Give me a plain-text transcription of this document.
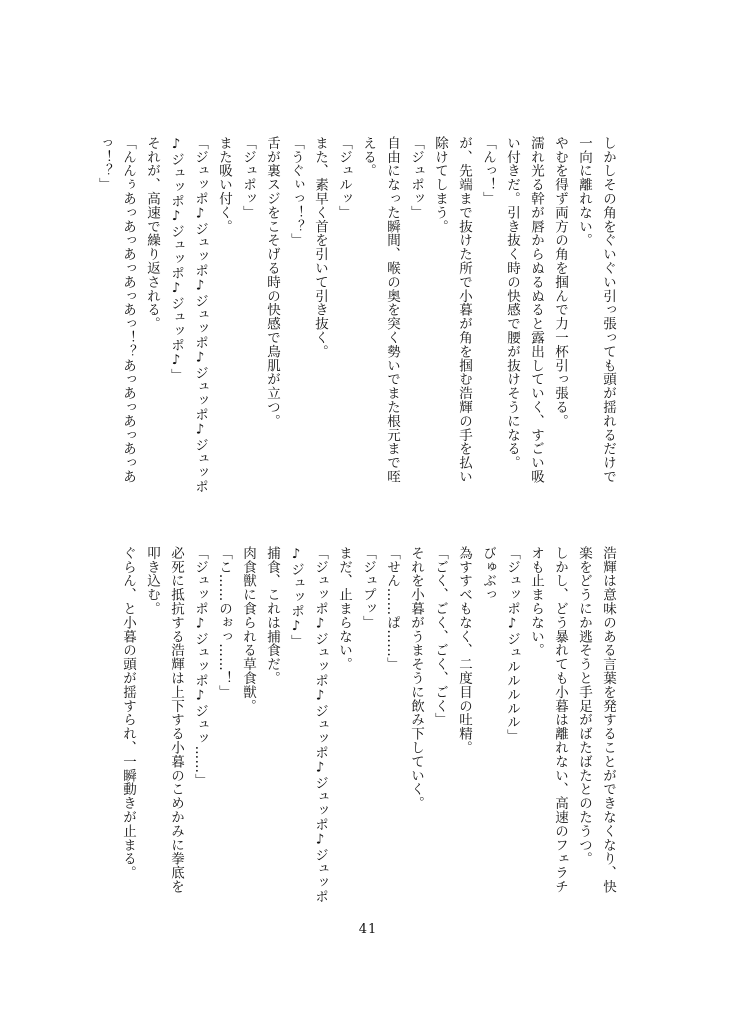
しかしその角をぐいぐい引っ張っても頭が揺れるだけで
一向に離れない。
やむを得ず両方の角を掴んで力一杯引っ張る。
濡れ光る幹が唇からぬるぬると露出していく、すごい吸
い付きだ。引き抜く時の快感で腰が抜けそうになる。
「んっ！」
が、先端まで抜けた所で小暮が角を掴む浩輝の手を払い
除けてしまう。
「ジュポッ」
自由になった瞬間、喉の奥を突く勢いでまた根元まで咥
える。
「ジュルッ」
また、素早く首を引いて引き抜く。
「うぐぃっ！？」
舌が裏スジをこそげる時の快感で鳥肌が立つ。
「ジュポッ」
また吸い付く。
「ジュッポ♪ジュッポ♪ジュッポ♪ジュッポ♪ジュッポ
♪ジュッポ♪ジュッポ♪ジュッポ♪」
それが、高速で繰り返される。
「んんぅあっあっあっあっあっ！？あっあっあっあっあ
っ！？」
浩輝は意味のある言葉を発することができなくなり、快
楽をどうにか逃そうと手足がばたばたとのたうつ。
しかし、どう暴れても小暮は離れない、高速のフェラチ
オも止まらない。
「ジュッポ♪ジュルルルルル」
びゅぶっ
為すすべもなく、二度目の吐精。
「ごく、ごく、ごく、ごく」
それを小暮がうまそうに飲み下していく。
「せん……ぱ……」
「ジュプッ」
まだ、止まらない。
「ジュッポ♪ジュッポ♪ジュッポ♪ジュッポ♪ジュッポ
♪ジュッポ♪」
捕食、これは捕食だ。
肉食獣に食られる草食獣。
「こ……のぉっ……！」
「ジュッポ♪ジュッポ♪ジュッ……」
必死に抵抗する浩輝は上下する小暮のこめかみに拳底を
叩き込む。
ぐらん、と小暮の頭が揺すられ、一瞬動きが止まる。
41
